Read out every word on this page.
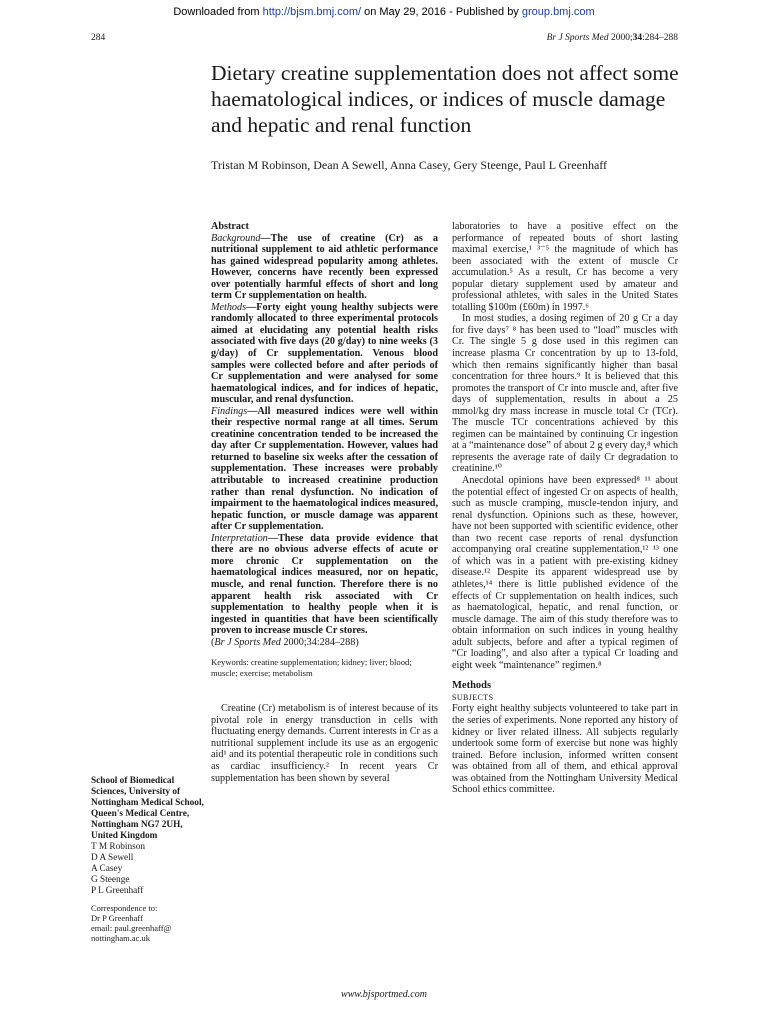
Downloaded from http://bjsm.bmj.com/ on May 29, 2016 - Published by group.bmj.com
284	Br J Sports Med 2000;34:284–288
Dietary creatine supplementation does not affect some haematological indices, or indices of muscle damage and hepatic and renal function
Tristan M Robinson, Dean A Sewell, Anna Casey, Gery Steenge, Paul L Greenhaff
School of Biomedical Sciences, University of Nottingham Medical School, Queen's Medical Centre, Nottingham NG7 2UH, United Kingdom
T M Robinson
D A Sewell
A Casey
G Steenge
P L Greenhaff
Correspondence to:
Dr P Greenhaff
email: paul.greenhaff@
nottingham.ac.uk
Abstract

Background—The use of creatine (Cr) as a nutritional supplement to aid athletic performance has gained widespread popularity among athletes. However, concerns have recently been expressed over potentially harmful effects of short and long term Cr supplementation on health.

Methods—Forty eight young healthy subjects were randomly allocated to three experimental protocols aimed at elucidating any potential health risks associated with five days (20 g/day) to nine weeks (3 g/day) of Cr supplementation. Venous blood samples were collected before and after periods of Cr supplementation and were analysed for some haematological indices, and for indices of hepatic, muscular, and renal dysfunction.

Findings—All measured indices were well within their respective normal range at all times. Serum creatinine concentration tended to be increased the day after Cr supplementation. However, values had returned to baseline six weeks after the cessation of supplementation. These increases were probably attributable to increased creatinine production rather than renal dysfunction. No indication of impairment to the haematological indices measured, hepatic function, or muscle damage was apparent after Cr supplementation.

Interpretation—These data provide evidence that there are no obvious adverse effects of acute or more chronic Cr supplementation on the haematological indices measured, nor on hepatic, muscle, and renal function. Therefore there is no apparent health risk associated with Cr supplementation to healthy people when it is ingested in quantities that have been scientifically proven to increase muscle Cr stores.

(Br J Sports Med 2000;34:284–288)

Keywords: creatine supplementation; kidney; liver; blood; muscle; exercise; metabolism

Creatine (Cr) metabolism is of interest because of its pivotal role in energy transduction in cells with fluctuating energy demands. Current interests in Cr as a nutritional supplement include its use as an ergogenic aid¹ and its potential therapeutic role in conditions such as cardiac insufficiency.² In recent years Cr supplementation has been shown by several

laboratories to have a positive effect on the performance of repeated bouts of short lasting maximal exercise,¹ ³⁻⁵ the magnitude of which has been associated with the extent of muscle Cr accumulation.⁵ As a result, Cr has become a very popular dietary supplement used by amateur and professional athletes, with sales in the United States totalling $100m (£60m) in 1997.⁶

In most studies, a dosing regimen of 20 g Cr a day for five days⁷ ⁸ has been used to “load” muscles with Cr. The single 5 g dose used in this regimen can increase plasma Cr concentration by up to 13-fold, which then remains significantly higher than basal concentration for three hours.⁹ It is believed that this promotes the transport of Cr into muscle and, after five days of supplementation, results in about a 25 mmol/kg dry mass increase in muscle total Cr (TCr). The muscle TCr concentrations achieved by this regimen can be maintained by continuing Cr ingestion at a “maintenance dose” of about 2 g every day,⁸ which represents the average rate of daily Cr degradation to creatinine.¹⁰

Anecdotal opinions have been expressed⁸ ¹¹ about the potential effect of ingested Cr on aspects of health, such as muscle cramping, muscle-tendon injury, and renal dysfunction. Opinions such as these, however, have not been supported with scientific evidence, other than two recent case reports of renal dysfunction accompanying oral creatine supplementation,¹² ¹³ one of which was in a patient with pre-existing kidney disease.¹² Despite its apparent widespread use by athletes,¹⁴ there is little published evidence of the effects of Cr supplementation on health indices, such as haematological, hepatic, and renal function, or muscle damage. The aim of this study therefore was to obtain information on such indices in young healthy adult subjects, before and after a typical regimen of “Cr loading”, and also after a typical Cr loading and eight week “maintenance” regimen.⁸

Methods
SUBJECTS

Forty eight healthy subjects volunteered to take part in the series of experiments. None reported any history of kidney or liver related illness. All subjects regularly undertook some form of exercise but none was highly trained. Before inclusion, informed written consent was obtained from all of them, and ethical approval was obtained from the Nottingham University Medical School ethics committee.

www.bjsportmed.com
